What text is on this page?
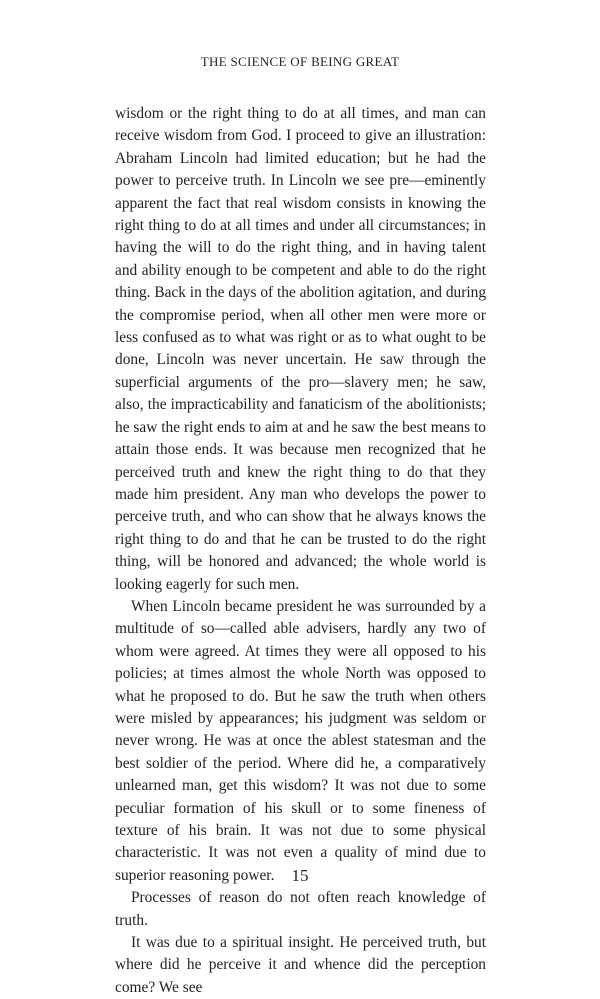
THE SCIENCE OF BEING GREAT

wisdom or the right thing to do at all times, and man can receive wisdom from God. I proceed to give an illustration: Abraham Lincoln had limited education; but he had the power to perceive truth. In Lincoln we see pre—eminently apparent the fact that real wisdom consists in knowing the right thing to do at all times and under all circumstances; in having the will to do the right thing, and in having talent and ability enough to be competent and able to do the right thing. Back in the days of the abolition agitation, and during the compromise period, when all other men were more or less confused as to what was right or as to what ought to be done, Lincoln was never uncertain. He saw through the superficial arguments of the pro—slavery men; he saw, also, the impracticability and fanaticism of the abolitionists; he saw the right ends to aim at and he saw the best means to attain those ends. It was because men recognized that he perceived truth and knew the right thing to do that they made him president. Any man who develops the power to perceive truth, and who can show that he always knows the right thing to do and that he can be trusted to do the right thing, will be honored and advanced; the whole world is looking eagerly for such men.

When Lincoln became president he was surrounded by a multitude of so—called able advisers, hardly any two of whom were agreed. At times they were all opposed to his policies; at times almost the whole North was opposed to what he proposed to do. But he saw the truth when others were misled by appearances; his judgment was seldom or never wrong. He was at once the ablest statesman and the best soldier of the period. Where did he, a comparatively unlearned man, get this wisdom? It was not due to some peculiar formation of his skull or to some fineness of texture of his brain. It was not due to some physical characteristic. It was not even a quality of mind due to superior reasoning power.

Processes of reason do not often reach knowledge of truth.

It was due to a spiritual insight. He perceived truth, but where did he perceive it and whence did the perception come? We see

15
